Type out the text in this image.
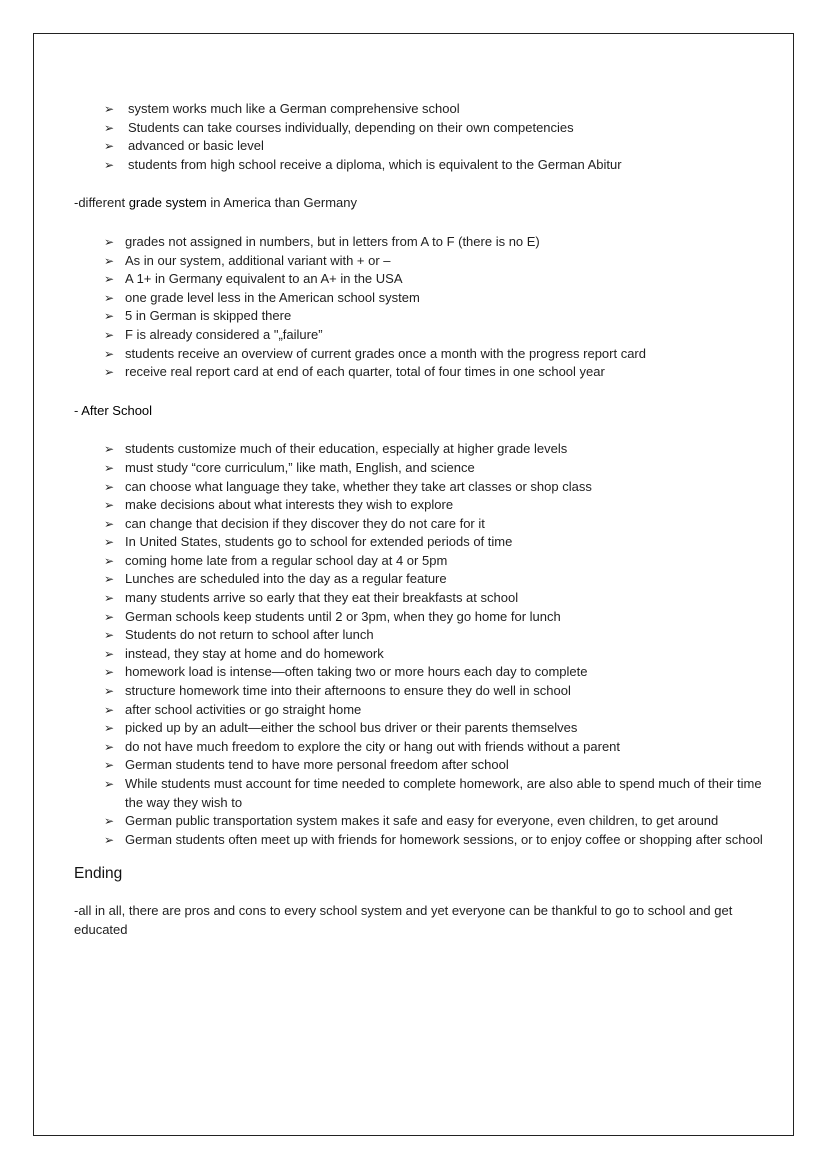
➢ system works much like a German comprehensive school
➢ Students can take courses individually, depending on their own competencies
➢ advanced or basic level
➢ students from high school receive a diploma, which is equivalent to the German Abitur

-different grade system in America than Germany

➢ grades not assigned in numbers, but in letters from A to F (there is no E)
➢ As in our system, additional variant with + or –
➢ A 1+ in Germany equivalent to an A+ in the USA
➢ one grade level less in the American school system
➢ 5 in German is skipped there
➢ F is already considered a "„failure”
➢ students receive an overview of current grades once a month with the progress report card
➢ receive real report card at end of each quarter, total of four times in one school year

- After School

➢ students customize much of their education, especially at higher grade levels
➢ must study “core curriculum,” like math, English, and science
➢ can choose what language they take, whether they take art classes or shop class
➢ make decisions about what interests they wish to explore
➢ can change that decision if they discover they do not care for it
➢ In United States, students go to school for extended periods of time
➢ coming home late from a regular school day at 4 or 5pm
➢ Lunches are scheduled into the day as a regular feature
➢ many students arrive so early that they eat their breakfasts at school
➢ German schools keep students until 2 or 3pm, when they go home for lunch
➢ Students do not return to school after lunch
➢ instead, they stay at home and do homework
➢ homework load is intense—often taking two or more hours each day to complete
➢ structure homework time into their afternoons to ensure they do well in school
➢ after school activities or go straight home
➢ picked up by an adult—either the school bus driver or their parents themselves
➢ do not have much freedom to explore the city or hang out with friends without a parent
➢ German students tend to have more personal freedom after school
➢ While students must account for time needed to complete homework, are also able to spend much of their time the way they wish to
➢ German public transportation system makes it safe and easy for everyone, even children, to get around
➢ German students often meet up with friends for homework sessions, or to enjoy coffee or shopping after school

Ending

-all in all, there are pros and cons to every school system and yet everyone can be thankful to go to school and get educated
